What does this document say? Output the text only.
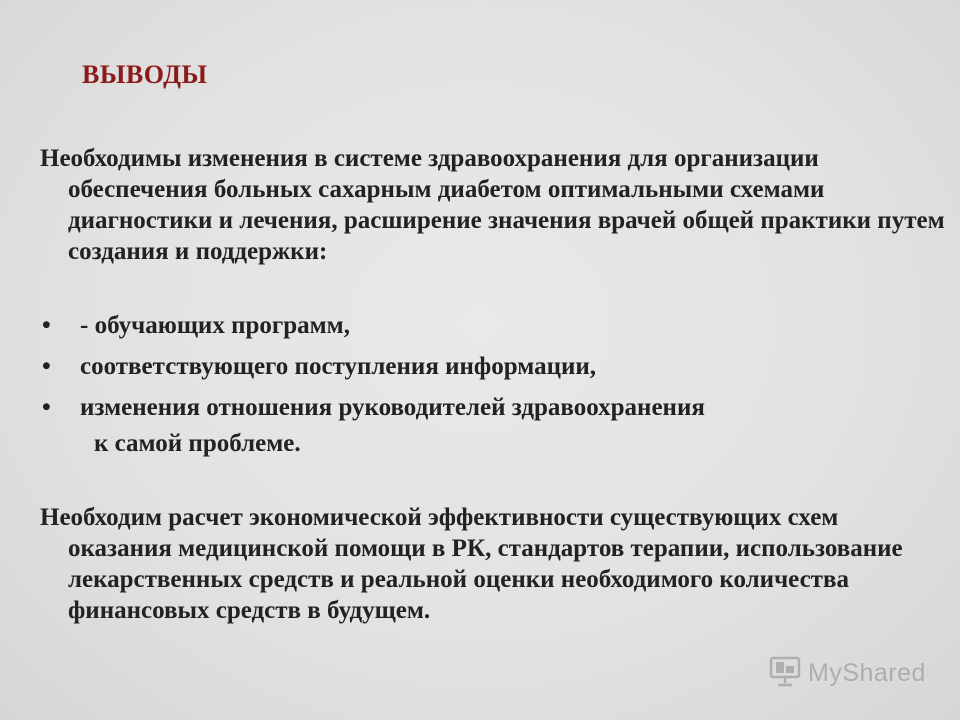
ВЫВОДЫ

Необходимы изменения в системе здравоохранения для организации обеспечения больных сахарным диабетом оптимальными схемами диагностики и лечения, расширение значения врачей общей практики путем создания и поддержки:

• - обучающих программ,
• соответствующего поступления информации,
• изменения отношения руководителей здравоохранения
к самой проблеме.

Необходим расчет экономической эффективности существующих схем оказания медицинской помощи в РК, стандартов терапии, использование лекарственных средств и реальной оценки необходимого количества финансовых средств в будущем.

MyShared
